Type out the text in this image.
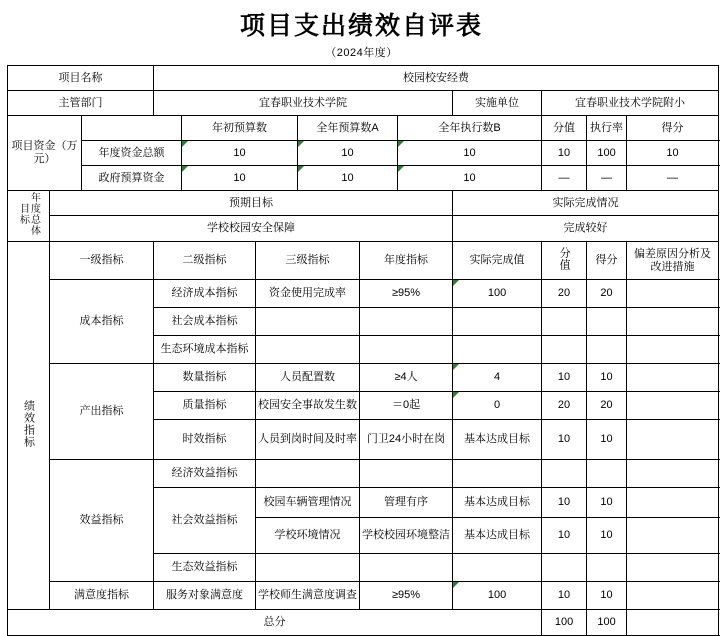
项目支出绩效自评表
（2024年度）
项目名称			校园校安经费									
主管部门			宜春职业技术学院						实施单位	宜春职业技术学院附小		
项目资金（万元）				年初预算数		全年预算数A		全年执行数B		分值	执行率	得分
		年度资金总额		10		10		10		10	100	10
		政府预算资金		10		10		10		—	—	—
年度总体目标	预期目标								实际完成情况			
	学校校园安全保障								完成较好			
绩效指标	一级指标		二级指标		三级指标		年度指标		实际完成值	分值	得分	偏差原因分析及改进措施
	成本指标		经济成本指标		资金使用完成率		≥95%		100	20	20	
			社会成本指标									
			生态环境成本指标									
	产出指标		数量指标		人员配置数		≥4人		4	10	10	
			质量指标		校园安全事故发生数		＝0起		0	20	20	
			时效指标		人员到岗时间及时率		门卫24小时在岗		基本达成目标	10	10	
	效益指标		经济效益指标									
			社会效益指标		校园车辆管理情况		管理有序		基本达成目标	10	10	
					学校环境情况		学校校园环境整洁		基本达成目标	10	10	
			生态效益指标									
	满意度指标		服务对象满意度		学校师生满意度调查		≥95%		100	10	10	
总分										100	100	
